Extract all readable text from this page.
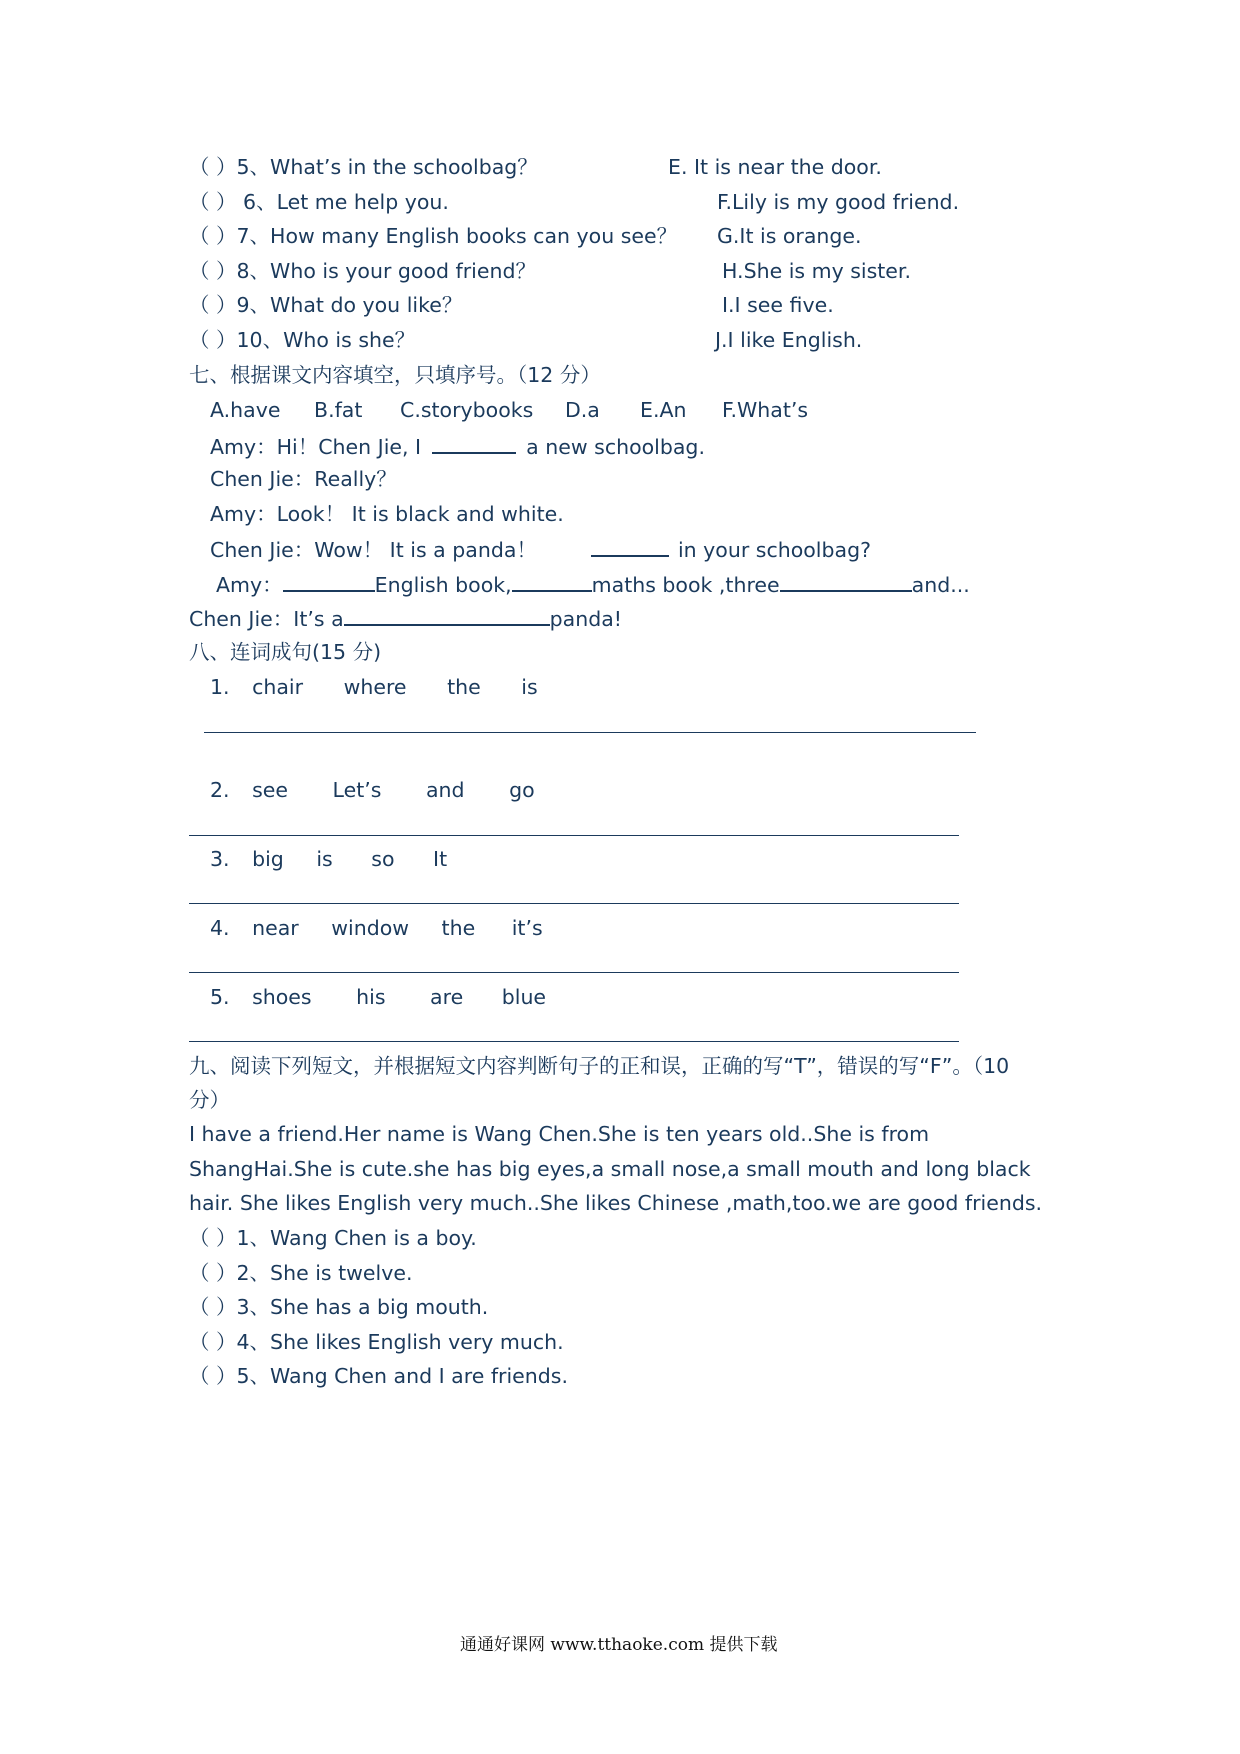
（ ）5、What’s in the schoolbag？	E. It is near the door.
（ ） 6、Let me help you.	F.Lily is my good friend.
（ ）7、How many English books can you see？ G.It is orange.
（ ）8、Who is your good friend？	H.She is my sister.
（ ）9、What do you like？	I.I see five.
（ ）10、Who is she？	J.I like English.
七、根据课文内容填空，只填序号。（12 分）
A.have B.fat C.storybooks D.a E.An F.What’s
Amy：Hi！Chen Jie, I	a new schoolbag.
Chen Jie：Really？
Amy：Look！ It is black and white.
Chen Jie：Wow！ It is a panda！	in your schoolbag?
Amy：	English book,	maths book ,three	and...
Chen Jie：It’s a	panda!
八、连词成句(15 分)
1. chair where the is
2. see Let’s and go
3. big is so It
4. near window the it’s
5. shoes his are blue
九、阅读下列短文，并根据短文内容判断句子的正和误，正确的写“T”，错误的写“F”。（10
分）
I have a friend.Her name is Wang Chen.She is ten years old..She is from ShangHai.She is cute.she has big eyes,a small nose,a small mouth and long black hair. She likes English very much..She likes Chinese ,math,too.we are good friends.
（ ）1、Wang Chen is a boy.
（ ）2、She is twelve.
（ ）3、She has a big mouth.
（ ）4、She likes English very much.
（ ）5、Wang Chen and I are friends.
通通好课网 www.tthaoke.com 提供下载
